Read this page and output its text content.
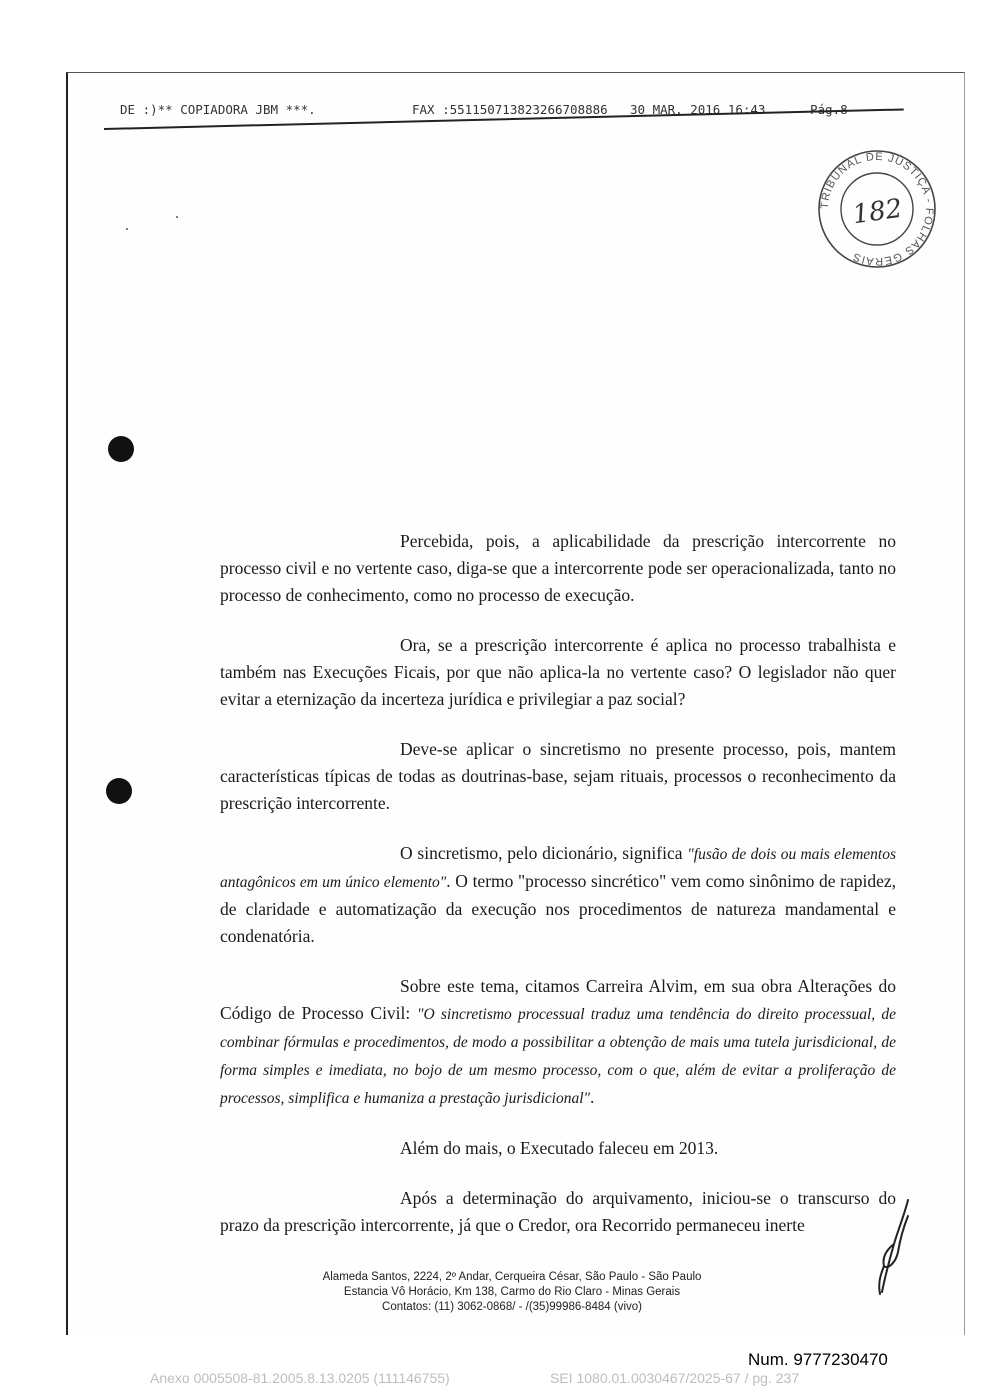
DE :)** COPIADORA JBM ***.	FAX :551150713823266708886 30 MAR. 2016 16:43	Pág.8
TRIBUNAL DE JUSTIÇA - FOLHAS GERAIS
182

Percebida, pois, a aplicabilidade da prescrição intercorrente no processo civil e no vertente caso, diga-se que a intercorrente pode ser operacionalizada, tanto no processo de conhecimento, como no processo de execução.

Ora, se a prescrição intercorrente é aplica no processo trabalhista e também nas Execuções Ficais, por que não aplica-la no vertente caso? O legislador não quer evitar a eternização da incerteza jurídica e privilegiar a paz social?

Deve-se aplicar o sincretismo no presente processo, pois, mantem características típicas de todas as doutrinas-base, sejam rituais, processos o reconhecimento da prescrição intercorrente.

O sincretismo, pelo dicionário, significa "fusão de dois ou mais elementos antagônicos em um único elemento". O termo "processo sincrético" vem como sinônimo de rapidez, de claridade e automatização da execução nos procedimentos de natureza mandamental e condenatória.

Sobre este tema, citamos Carreira Alvim, em sua obra Alterações do Código de Processo Civil: "O sincretismo processual traduz uma tendência do direito processual, de combinar fórmulas e procedimentos, de modo a possibilitar a obtenção de mais uma tutela jurisdicional, de forma simples e imediata, no bojo de um mesmo processo, com o que, além de evitar a proliferação de processos, simplifica e humaniza a prestação jurisdicional".

Além do mais, o Executado faleceu em 2013.

Após a determinação do arquivamento, iniciou-se o transcurso do prazo da prescrição intercorrente, já que o Credor, ora Recorrido permaneceu inerte

Alameda Santos, 2224, 2º Andar, Cerqueira César, São Paulo - São Paulo
Estancia Vô Horácio, Km 138, Carmo do Rio Claro - Minas Gerais
Contatos: (11) 3062-0868/ - /(35)99986-8484 (vivo)
Num. 9777230470
Anexo 0005508-81.2005.8.13.0205 (111146755)	SEI 1080.01.0030467/2025-67 / pg. 237
